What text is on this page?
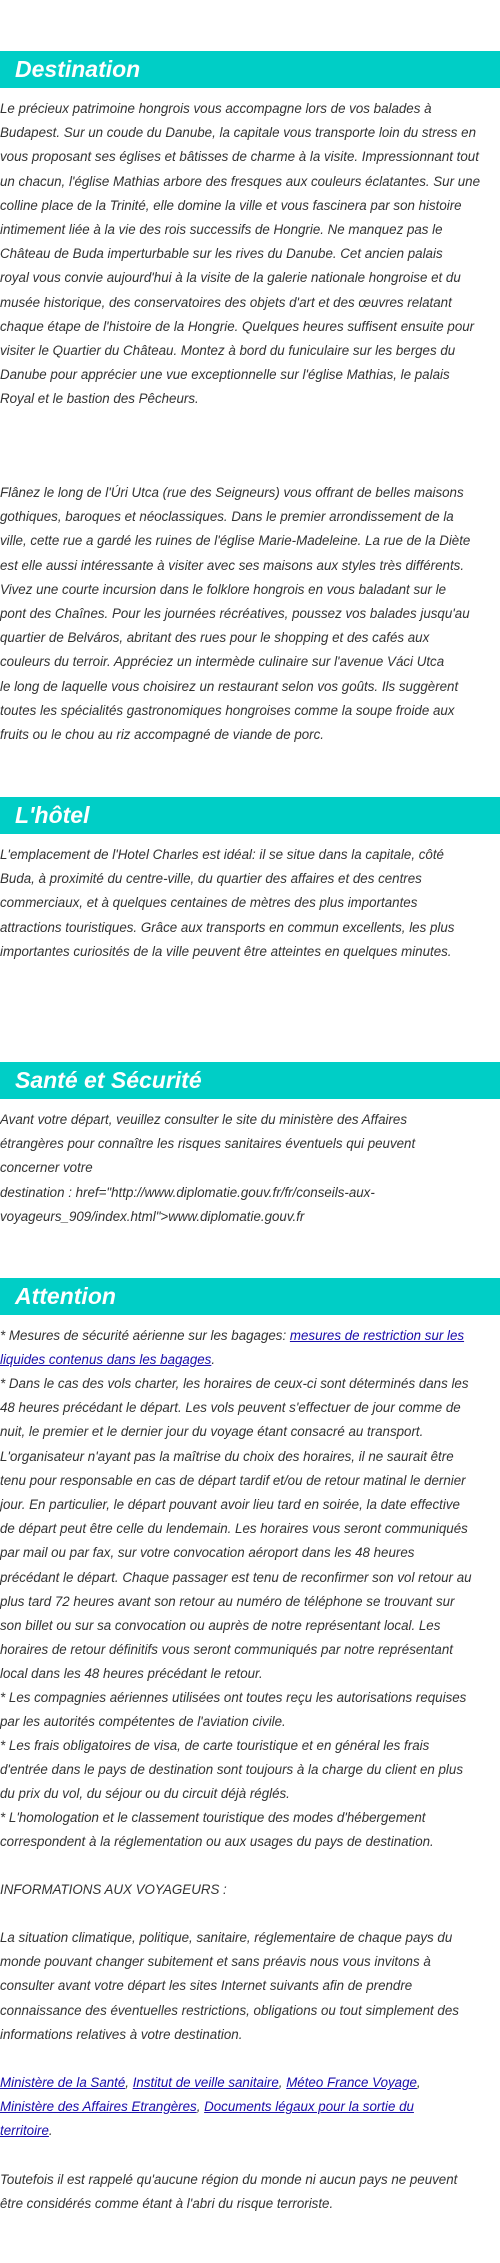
Destination
Le précieux patrimoine hongrois vous accompagne lors de vos balades à
Budapest. Sur un coude du Danube, la capitale vous transporte loin du stress en
vous proposant ses églises et bâtisses de charme à la visite. Impressionnant tout
un chacun, l'église Mathias arbore des fresques aux couleurs éclatantes. Sur une
colline place de la Trinité, elle domine la ville et vous fascinera par son histoire
intimement liée à la vie des rois successifs de Hongrie. Ne manquez pas le
Château de Buda imperturbable sur les rives du Danube. Cet ancien palais
royal vous convie aujourd'hui à la visite de la galerie nationale hongroise et du
musée historique, des conservatoires des objets d'art et des œuvres relatant
chaque étape de l'histoire de la Hongrie. Quelques heures suffisent ensuite pour
visiter le Quartier du Château. Montez à bord du funiculaire sur les berges du
Danube pour apprécier une vue exceptionnelle sur l'église Mathias, le palais
Royal et le bastion des Pêcheurs.
Flânez le long de l'Úri Utca (rue des Seigneurs) vous offrant de belles maisons
gothiques, baroques et néoclassiques. Dans le premier arrondissement de la
ville, cette rue a gardé les ruines de l'église Marie-Madeleine. La rue de la Diète
est elle aussi intéressante à visiter avec ses maisons aux styles très différents.
Vivez une courte incursion dans le folklore hongrois en vous baladant sur le
pont des Chaînes. Pour les journées récréatives, poussez vos balades jusqu'au
quartier de Belváros, abritant des rues pour le shopping et des cafés aux
couleurs du terroir. Appréciez un intermède culinaire sur l'avenue Váci Utca
le long de laquelle vous choisirez un restaurant selon vos goûts. Ils suggèrent
toutes les spécialités gastronomiques hongroises comme la soupe froide aux
fruits ou le chou au riz accompagné de viande de porc.
L'hôtel
L'emplacement de l'Hotel Charles est idéal: il se situe dans la capitale, côté
Buda, à proximité du centre-ville, du quartier des affaires et des centres
commerciaux, et à quelques centaines de mètres des plus importantes
attractions touristiques. Grâce aux transports en commun excellents, les plus
importantes curiosités de la ville peuvent être atteintes en quelques minutes.
Santé et Sécurité
Avant votre départ, veuillez consulter le site du ministère des Affaires
étrangères pour connaître les risques sanitaires éventuels qui peuvent
concerner votre
destination : href="http://www.diplomatie.gouv.fr/fr/conseils-aux-
voyageurs_909/index.html">www.diplomatie.gouv.fr
Attention
* Mesures de sécurité aérienne sur les bagages: mesures de restriction sur les
liquides contenus dans les bagages.
* Dans le cas des vols charter, les horaires de ceux-ci sont déterminés dans les
48 heures précédant le départ. Les vols peuvent s'effectuer de jour comme de
nuit, le premier et le dernier jour du voyage étant consacré au transport.
L'organisateur n'ayant pas la maîtrise du choix des horaires, il ne saurait être
tenu pour responsable en cas de départ tardif et/ou de retour matinal le dernier
jour. En particulier, le départ pouvant avoir lieu tard en soirée, la date effective
de départ peut être celle du lendemain. Les horaires vous seront communiqués
par mail ou par fax, sur votre convocation aéroport dans les 48 heures
précédant le départ. Chaque passager est tenu de reconfirmer son vol retour au
plus tard 72 heures avant son retour au numéro de téléphone se trouvant sur
son billet ou sur sa convocation ou auprès de notre représentant local. Les
horaires de retour définitifs vous seront communiqués par notre représentant
local dans les 48 heures précédant le retour.
* Les compagnies aériennes utilisées ont toutes reçu les autorisations requises
par les autorités compétentes de l'aviation civile.
* Les frais obligatoires de visa, de carte touristique et en général les frais
d'entrée dans le pays de destination sont toujours à la charge du client en plus
du prix du vol, du séjour ou du circuit déjà réglés.
* L'homologation et le classement touristique des modes d'hébergement
correspondent à la réglementation ou aux usages du pays de destination.
INFORMATIONS AUX VOYAGEURS :
La situation climatique, politique, sanitaire, réglementaire de chaque pays du
monde pouvant changer subitement et sans préavis nous vous invitons à
consulter avant votre départ les sites Internet suivants afin de prendre
connaissance des éventuelles restrictions, obligations ou tout simplement des
informations relatives à votre destination.
Ministère de la Santé, Institut de veille sanitaire, Méteo France Voyage,
Ministère des Affaires Etrangères, Documents légaux pour la sortie du
territoire.
Toutefois il est rappelé qu'aucune région du monde ni aucun pays ne peuvent
être considérés comme étant à l'abri du risque terroriste.
